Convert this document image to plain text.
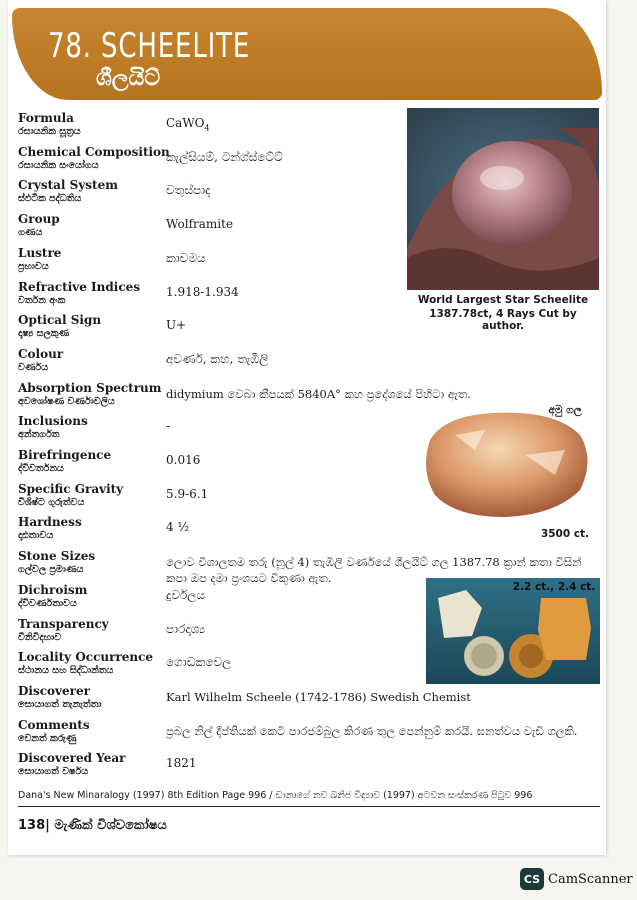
78. SCHEELITE
ශීලයිට්
Formula
රසායනික සූත්‍රය
CaWO$_4$
Chemical Composition
රසායනික සංයෝගය
කැල්සියම්, ටන්ග්ස්ටේට්
Crystal System
ස්ඵටික පද්ධතිය
චතුස්පාද
Group
ගණය
Wolframite
Lustre
ප්‍රභාවය
කාචමය
Refractive Indices
වර්තන අංක
1.918-1.934
Optical Sign
දෘෂ්‍ය සලකුණ
U+
Colour
වර්ණය
අවර්ණ, කහ, තැඹිලි
Absorption Spectrum
අවශෝෂණ වර්ණාවලිය
didymium වෙබා කීපයක් 5840A° කහ ප්‍රදේශයේ පිහිටා ඇත.
Inclusions
අන්තර්ගත
-
Birefringence
ද්විවර්තනය
0.016
Specific Gravity
විශිෂ්ට ගුරුත්වය
5.9-6.1
Hardness
දෘඪතාවය
4 ½
Stone Sizes
ගල්වල ප්‍රමාණය
ලොව විශාලතම තරු (නූල් 4) තැඹිලි වර්ණයේ ශීලයිට් ගල 1387.78 ක්‍රාන් කතා විසින් කපා ඔප දමා ප්‍රංශයට විකුණා ඇත.
Dichroism
ද්විවර්ණතාවය
දුර්වලය
Transparency
විනිවිදභාව
පාරදෘශ්‍ය
Locality Occurrence
ස්ථානය සහ සිද්ධාන්තය
ගොඩකවෙල
Discoverer
සොයාගත් තැනැත්තා
Karl Wilhelm Scheele (1742-1786) Swedish Chemist
Comments
වෙනත් කරුණු
ප්‍රබල නිල් දීප්තියක් කෙටි පාරජම්බුල කිරණ තුල පෙන්නුම් කරයි. ඝනත්වය වැඩි ගලකි.
Discovered Year
සොයාගත් වර්ෂය
1821
World Largest Star Scheelite
1387.78ct, 4 Rays Cut by author.
අමු ගල
3500 ct.
2.2 ct., 2.4 ct.
Dana's New Minaralogy (1997) 8th Edition Page 996 / ඩානාගේ නව ඛනිජ විද්‍යාව (1997) අටවන සංස්කරණ පිටුව 996
138| මැණික් විශ්වකෝෂය
CS CamScanner
